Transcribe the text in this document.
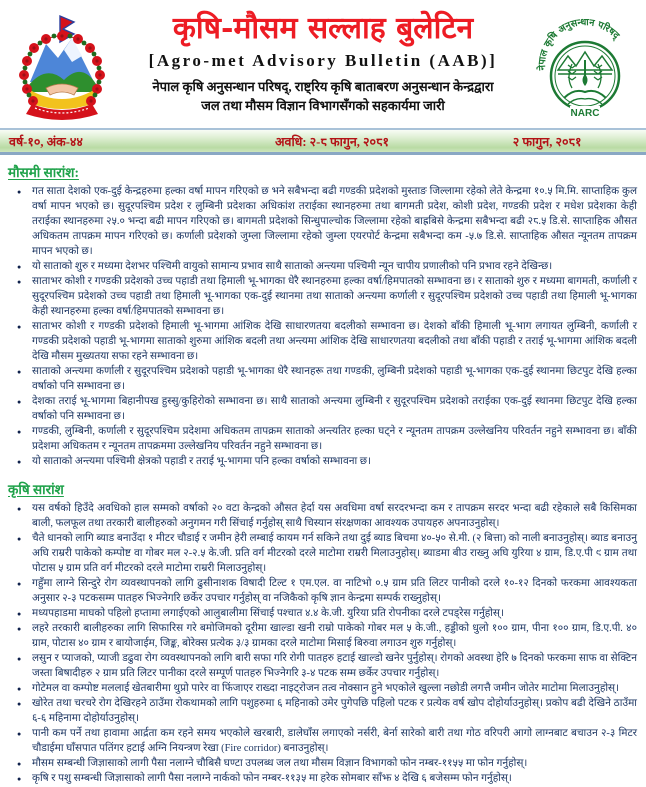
कृषि-मौसम सल्लाह बुलेटिन
[Agro-met Advisory Bulletin (AAB)]
नेपाल कृषि अनुसन्धान परिषद्, राष्ट्रिय कृषि बाताबरण अनुसन्धान केन्द्रद्वारा
जल तथा मौसम विज्ञान विभागसँगको सहकार्यमा जारी
नेपाल कृषि अनुसन्धान परिषद्
NARC
वर्ष-१०, अंक-४४	अवधि: २-८ फागुन, २०८१	२ फागुन, २०८१
मौसमी सारांश:
● गत साता देशको एक-दुई केन्द्रहरुमा हल्का वर्षा मापन गरिएको छ भने सबैभन्दा बढी गण्डकी प्रदेशको मुस्ताङ जिल्लामा रहेको लेते केन्द्रमा १०.५ मि.मि. साप्ताहिक कुल वर्षा मापन भएको छ। सुदूरपश्चिम प्रदेश र लुम्बिनी प्रदेशका अधिकांश तराईका स्थानहरुमा तथा बागमती प्रदेश, कोशी प्रदेश, गण्डकी प्रदेश र मधेश प्रदेशका केही तराईका स्थानहरुमा २५.० भन्दा बढी मापन गरिएको छ। बागमती प्रदेशको सिन्धुपाल्चोक जिल्लामा रहेको बाह्रबिसे केन्द्रमा सबैभन्दा बढी २८.५ डि.से. साप्ताहिक औसत अधिकतम तापक्रम मापन गरिएको छ। कर्णाली प्रदेशको जुम्ला जिल्लामा रहेको जुम्ला एयरपोर्ट केन्द्रमा सबैभन्दा कम -५.७ डि.से. साप्ताहिक औसत न्यूनतम तापक्रम मापन भएको छ।
● यो साताको शुरु र मध्यमा देशभर पश्चिमी वायुको सामान्य प्रभाव साथै साताको अन्त्यमा पश्चिमी न्यून चापीय प्रणालीको पनि प्रभाव रहने देखिन्छ।
● साताभर कोशी र गण्डकी प्रदेशको उच्च पहाडी तथा हिमाली भू-भागका धेरै स्थानहरुमा हल्का वर्षा/हिमपातको सम्भावना छ। र साताको शुरु र मध्यमा बागमती, कर्णाली र सुदूरपश्चिम प्रदेशको उच्च पहाडी तथा हिमाली भू-भागका एक-दुई स्थानमा तथा साताको अन्त्यमा कर्णाली र सुदूरपश्चिम प्रदेशको उच्च पहाडी तथा हिमाली भू-भागका केही स्थानहरुमा हल्का वर्षा/हिमपातको सम्भावना छ।
● साताभर कोशी र गण्डकी प्रदेशको हिमाली भू-भागमा आंशिक देखि साधारणतया बदलीको सम्भावना छ। देशको बाँकी हिमाली भू-भाग लगायत लुम्बिनी, कर्णाली र गण्डकी प्रदेशको पहाडी भू-भागमा साताको शुरुमा आंशिक बदली तथा अन्त्यमा आंशिक देखि साधारणतया बदलीको तथा बाँकी पहाडी र तराई भू-भागमा आंशिक बदली देखि मौसम मुख्यतया सफा रहने सम्भावना छ।
● साताको अन्त्यमा कर्णाली र सुदूरपश्चिम प्रदेशको पहाडी भू-भागका धेरै स्थानहरू तथा गण्डकी, लुम्बिनी प्रदेशको पहाडी भू-भागका एक-दुई स्थानमा छिटपुट देखि हल्का वर्षाको पनि सम्भावना छ।
● देशका तराई भू-भागमा बिहानीपख हुस्सु/कुहिरोको सम्भावना छ। साथै साताको अन्त्यमा लुम्बिनी र सुदूरपश्चिम प्रदेशको तराईका एक-दुई स्थानमा छिटपुट देखि हल्का वर्षाको पनि सम्भावना छ।
● गण्डकी, लुम्बिनी, कर्णाली र सुदूरपश्चिम प्रदेशमा अधिकतम तापक्रम साताको अन्त्यतिर हल्का घट्ने र न्यूनतम तापक्रम उल्लेखनिय परिवर्तन नहुने सम्भावना छ। बाँकी प्रदेशमा अधिकतम र न्यूनतम तापक्रममा उल्लेखनिय परिवर्तन नहुने सम्भावना छ।
● यो साताको अन्त्यमा पश्चिमी क्षेत्रको पहाडी र तराई भू-भागमा पनि हल्का वर्षाको सम्भावना छ।
कृषि सारांश
● यस वर्षको हिउँदे अवधिको हाल सम्मको वर्षाको २० वटा केन्द्रको औसत हेर्दा यस अवधिमा वर्षा सरदरभन्दा कम र तापक्रम सरदर भन्दा बढी रहेकाले सबै किसिमका बाली, फलफूल तथा तरकारी बालीहरुको अनुगमन गरी सिंचाई गर्नुहोस् साथै चिस्यान संरक्षणका आवश्यक उपायहरु अपनाउनुहोस्।
● चैते धानको लागि ब्याड बनाउँदा १ मीटर चौडाई र जमीन हेरी लम्बाई कायम गर्न सकिने तथा दुई ब्याड बिचमा ४०-५० से.मी. (२ बित्ता) को नाली बनाउनुहोस्। ब्याड बनाउनु अघि राम्ररी पाकेको कम्पोष्ट वा गोबर मल २-२.५ के.जी. प्रति वर्ग मीटरको दरले माटोमा राम्ररी मिलाउनुहोस्। ब्याडमा बीउ राख्नु अघि युरिया ४ ग्राम, डि.ए.पी ९ ग्राम तथा पोटास ५ ग्राम प्रति वर्ग मीटरको दरले माटोमा राम्ररी मिलाउनुहोस्।
● गहुँमा लाग्ने सिन्दुरे रोग व्यवस्थापनको लागि ढुसीनाशक विषादी टिल्ट १ एम.एल. वा नाटिभो ०.५ ग्राम प्रति लिटर पानीको दरले १०-१२ दिनको फरकमा आवश्यकता अनुसार २-३ पटकसम्म पातहरु भिज्नेगरि छर्केर उपचार गर्नुहोस् वा नजिकैको कृषि ज्ञान केन्द्रमा सम्पर्क राख्नुहोस्।
● मध्यपहाडमा माघको पहिलो हप्तामा लगाईएको आलुबालीमा सिंचाई पश्चात ४.४ के.जी. युरिया प्रति रोपनीका दरले टपड्रेस गर्नुहोस्।
● लहरे तरकारी बालीहरुका लागि सिफारिस गरे बमोजिमको दूरीमा खाल्डा खनी राम्रो पाकेको गोबर मल ५ के.जी., हड्डीको धुलो १०० ग्राम, पीना १०० ग्राम, डि.ए.पी. ४० ग्राम, पोटास ४० ग्राम र बायोजाईम, जिङ्क, बोरेक्स प्रत्येक ३/३ ग्रामका दरले माटोमा मिसाई बिरुवा लगाउन शुरु गर्नुहोस्।
● लसुन र प्याजको, प्याजी डढुवा रोग व्यवस्थापनको लागि बारी सफा गरि रोगी पातहरु हटाई खाल्डो खनेर पुर्नुहोस्। रोगको अवस्था हेरि ७ दिनको फरकमा साफ वा सेक्टिन जस्ता बिषादीहरु २ ग्राम प्रति लिटर पानीका दरले सम्पूर्ण पातहरु भिज्नेगरि ३-४ पटक सम्म छर्केर उपचार गर्नुहोस्।
● गोटेमल वा कम्पोष्ट मललाई खेतबारीमा थुप्रो पारेर वा फिंजाएर राख्दा नाइट्रोजन तत्व नोक्सान हुने भएकोले खुल्ला नछोडी लगत्तै जमीन जोतेर माटोमा मिलाउनुहोस्।
● खोरेत तथा चरचरे रोग देखिरहने ठाउँमा रोकथामको लागि पशुहरुमा ६ महिनाको उमेर पुगेपछि पहिलो पटक र प्रत्येक वर्ष खोप दोहोर्याउनुहोस्। प्रकोप बढी देखिने ठाउँमा ६-६ महिनामा दोहोर्याउनुहोस्।
● पानी कम पर्ने तथा हावामा आर्द्रता कम रहने समय भएकोले खरबारी, डालेघाँस लगाएको नर्सरी, बेर्ना सारेको बारी तथा गोठ वरिपरी आगो लाग्नबाट बचाउन २-३ मिटर चौडाईमा घाँसपात पतिंगर हटाई अग्नि नियन्त्रण रेखा (Fire corridor) बनाउनुहोस्।
● मौसम सम्बन्धी जिज्ञासाको लागी पैसा नलाग्ने चौबिसै घण्टा उपलब्ध जल तथा मौसम विज्ञान विभागको फोन नम्बर-११५५ मा फोन गर्नुहोस्।
● कृषि र पशु सम्बन्धी जिज्ञासाको लागी पैसा नलाग्ने नार्कको फोन नम्बर-११३५ मा हरेक सोमबार साँझ ४ देखि ६ बजेसम्म फोन गर्नुहोस्।
